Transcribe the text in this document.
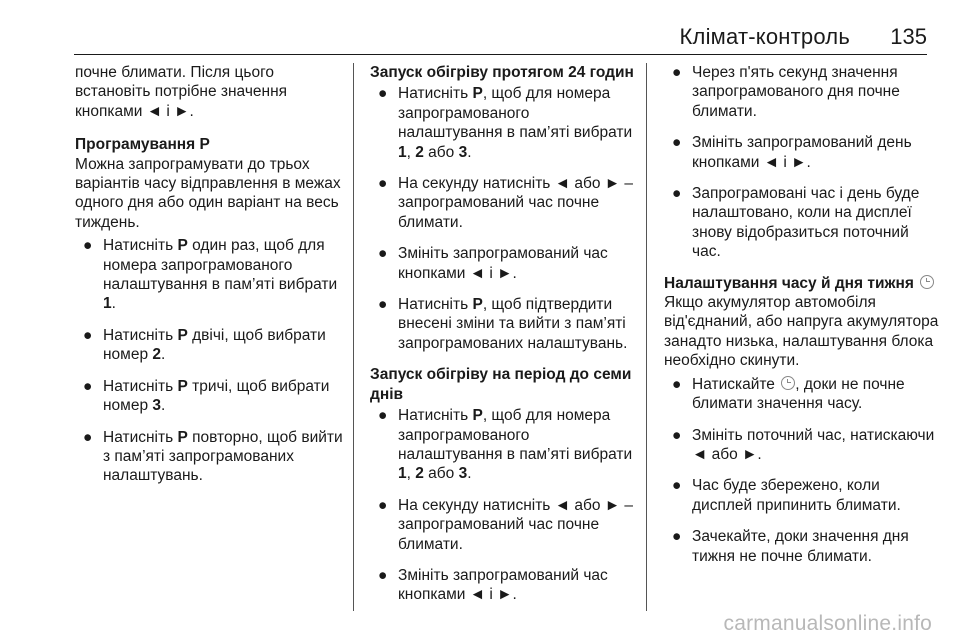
Клімат-контроль 135

почне блимати. Після цього встановіть потрібне значення кнопками ◄ і ►.

Програмування P

Можна запрограмувати до трьох варіантів часу відправлення в межах одного дня або один варіант на весь тиждень.

● Натисніть P один раз, щоб для номера запрограмованого налаштування в пам’яті вибрати 1.
● Натисніть P двічі, щоб вибрати номер 2.
● Натисніть P тричі, щоб вибрати номер 3.
● Натисніть P повторно, щоб вийти з пам’яті запрограмованих налаштувань.

Запуск обігріву протягом 24 годин

● Натисніть P, щоб для номера запрограмованого налаштування в пам’яті вибрати 1, 2 або 3.
● На секунду натисніть ◄ або ► – запрограмований час почне блимати.
● Змініть запрограмований час кнопками ◄ і ►.
● Натисніть P, щоб підтвердити внесені зміни та вийти з пам’яті запрограмованих налаштувань.

Запуск обігріву на період до семи днів

● Натисніть P, щоб для номера запрограмованого налаштування в пам’яті вибрати 1, 2 або 3.
● На секунду натисніть ◄ або ► – запрограмований час почне блимати.
● Змініть запрограмований час кнопками ◄ і ►.
● Через п'ять секунд значення запрограмованого дня почне блимати.
● Змініть запрограмований день кнопками ◄ і ►.
● Запрограмовані час і день буде налаштовано, коли на дисплеї знову відобразиться поточний час.

Налаштування часу й дня тижня

Якщо акумулятор автомобіля від'єднаний, або напруга акумулятора занадто низька, налаштування блока необхідно скинути.

● Натискайте , доки не почне блимати значення часу.
● Змініть поточний час, натискаючи ◄ або ►.
● Час буде збережено, коли дисплей припинить блимати.
● Зачекайте, доки значення дня тижня не почне блимати.
carmanualsonline.info
